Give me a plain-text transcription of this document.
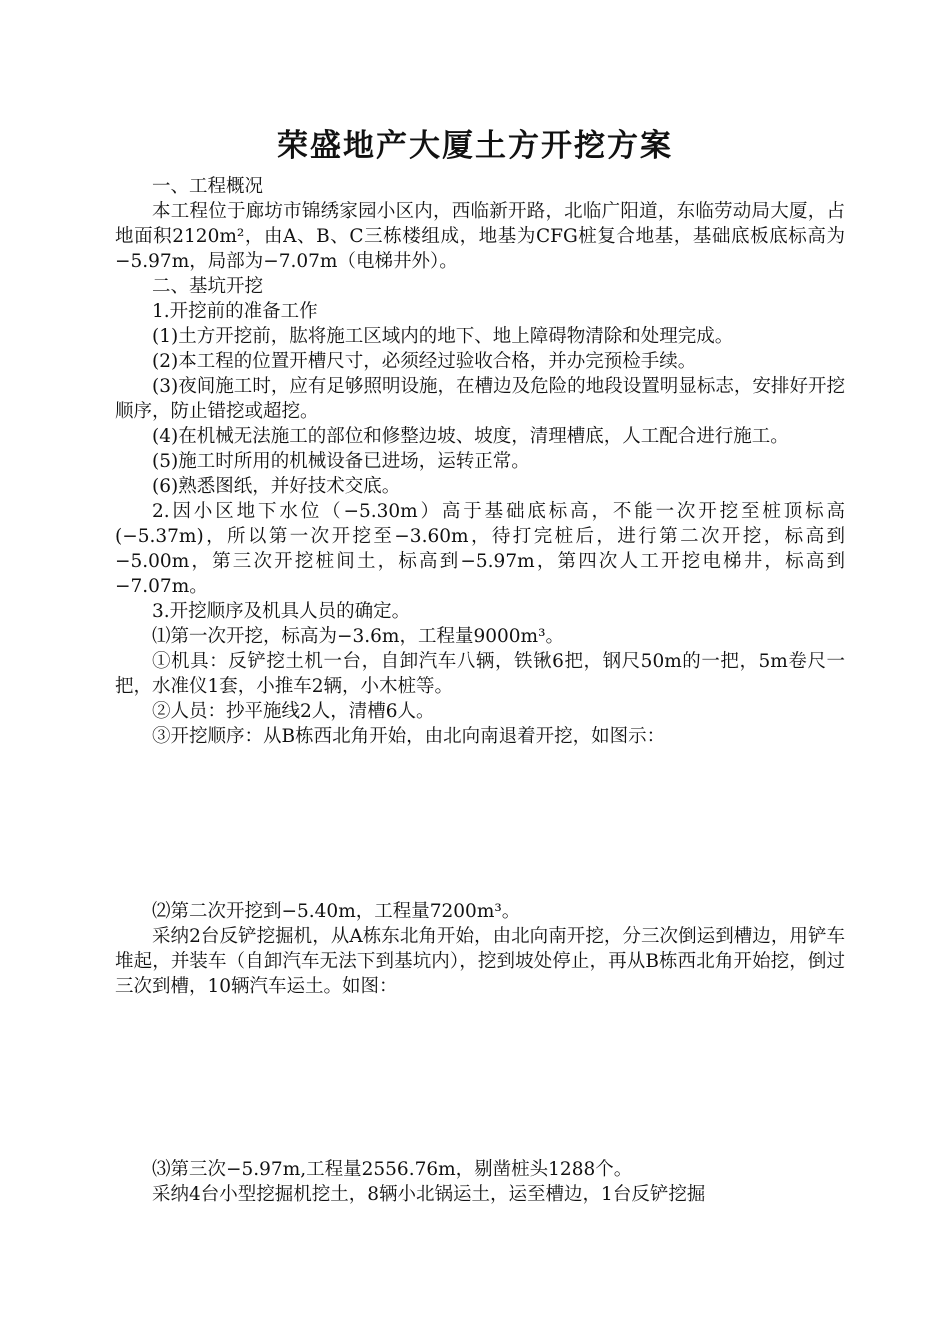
荣盛地产大厦土方开挖方案

一、工程概况

本工程位于廊坊市锦绣家园小区内，西临新开路，北临广阳道，东临劳动局大厦，占地面积2120m²，由A、B、C三栋楼组成，地基为CFG桩复合地基，基础底板底标高为−5.97m，局部为−7.07m（电梯井外）。

二、基坑开挖

1.开挖前的准备工作

(1)土方开挖前，肱将施工区域内的地下、地上障碍物清除和处理完成。

(2)本工程的位置开槽尺寸，必须经过验收合格，并办完预检手续。

(3)夜间施工时，应有足够照明设施，在槽边及危险的地段设置明显标志，安排好开挖顺序，防止错挖或超挖。

(4)在机械无法施工的部位和修整边坡、坡度，清理槽底，人工配合进行施工。

(5)施工时所用的机械设备已进场，运转正常。

(6)熟悉图纸，并好技术交底。

2.因小区地下水位（−5.30m）高于基础底标高，不能一次开挖至桩顶标高(−5.37m)，所以第一次开挖至−3.60m，待打完桩后，进行第二次开挖，标高到−5.00m，第三次开挖桩间土，标高到−5.97m，第四次人工开挖电梯井，标高到−7.07m。

3.开挖顺序及机具人员的确定。

⑴第一次开挖，标高为−3.6m，工程量9000m³。

①机具：反铲挖土机一台，自卸汽车八辆，铁锹6把，钢尺50m的一把，5m卷尺一把，水准仪1套，小推车2辆，小木桩等。

②人员：抄平施线2人，清槽6人。

③开挖顺序：从B栋西北角开始，由北向南退着开挖，如图示：

⑵第二次开挖到−5.40m，工程量7200m³。

采纳2台反铲挖掘机，从A栋东北角开始，由北向南开挖，分三次倒运到槽边，用铲车堆起，并装车（自卸汽车无法下到基坑内），挖到坡处停止，再从B栋西北角开始挖，倒过三次到槽，10辆汽车运土。如图：

⑶第三次−5.97m,工程量2556.76m，剔凿桩头1288个。

采纳4台小型挖掘机挖土，8辆小北锅运土，运至槽边，1台反铲挖掘
